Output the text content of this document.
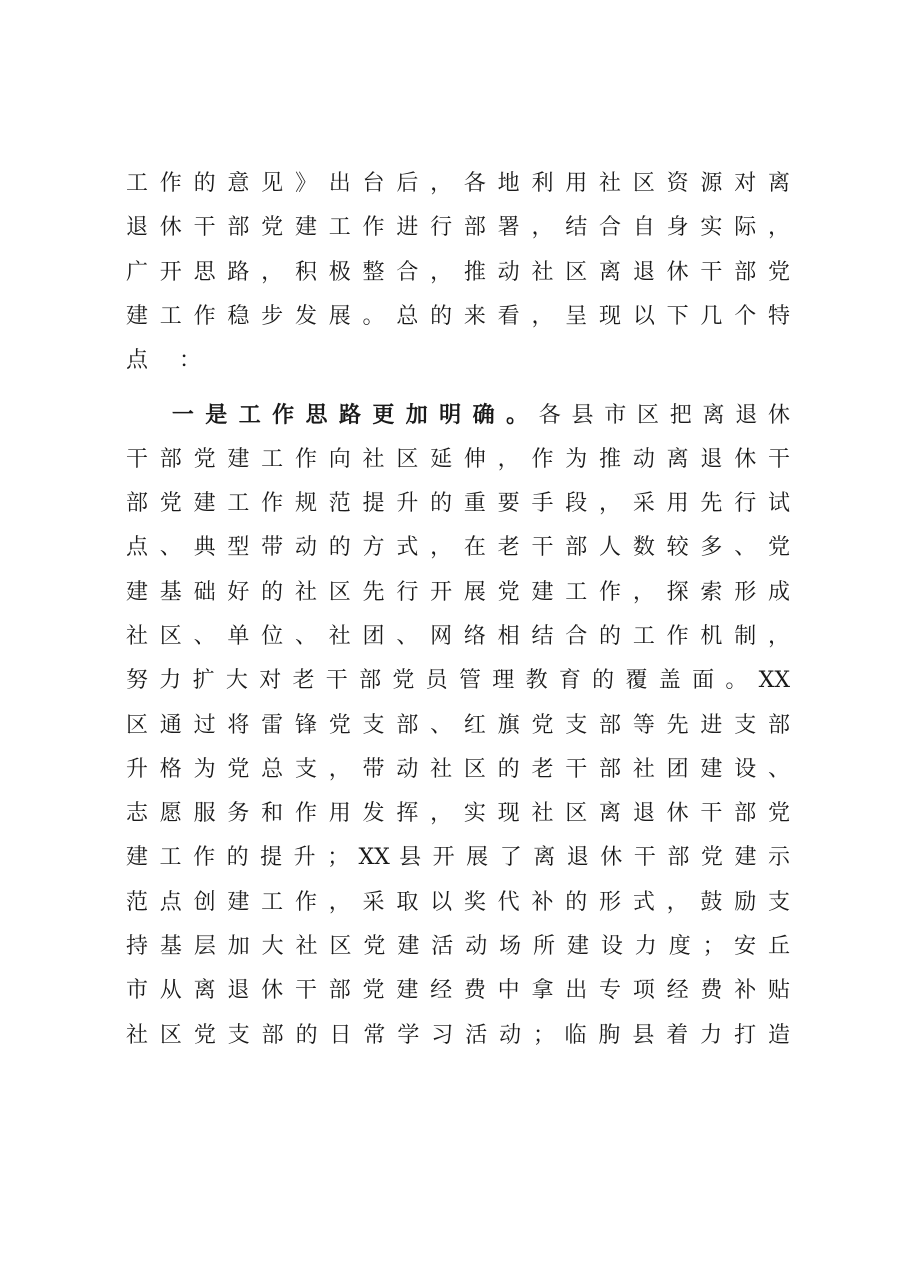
工 作 的 意 见 》 出 台 后 ， 各 地 利 用 社 区 资 源 对 离
退 休 干 部 党 建 工 作 进 行 部 署 ， 结 合 自 身 实 际 ，
广 开 思 路 ， 积 极 整 合 ， 推 动 社 区 离 退 休 干 部 党
建 工 作 稳 步 发 展 。 总 的 来 看 ， 呈 现 以 下 几 个 特
点 ：
一 是 工 作 思 路 更 加 明 确 。 各 县 市 区 把 离 退 休
干 部 党 建 工 作 向 社 区 延 伸 ， 作 为 推 动 离 退 休 干
部 党 建 工 作 规 范 提 升 的 重 要 手 段 ， 采 用 先 行 试
点 、 典 型 带 动 的 方 式 ， 在 老 干 部 人 数 较 多 、 党
建 基 础 好 的 社 区 先 行 开 展 党 建 工 作 ， 探 索 形 成
社 区 、 单 位 、 社 团 、 网 络 相 结 合 的 工 作 机 制 ，
努 力 扩 大 对 老 干 部 党 员 管 理 教 育 的 覆 盖 面 。 XX
区 通 过 将 雷 锋 党 支 部 、 红 旗 党 支 部 等 先 进 支 部
升 格 为 党 总 支 ， 带 动 社 区 的 老 干 部 社 团 建 设 、
志 愿 服 务 和 作 用 发 挥 ， 实 现 社 区 离 退 休 干 部 党
建 工 作 的 提 升 ； XX 县 开 展 了 离 退 休 干 部 党 建 示
范 点 创 建 工 作 ， 采 取 以 奖 代 补 的 形 式 ， 鼓 励 支
持 基 层 加 大 社 区 党 建 活 动 场 所 建 设 力 度 ； 安 丘
市 从 离 退 休 干 部 党 建 经 费 中 拿 出 专 项 经 费 补 贴
社 区 党 支 部 的 日 常 学 习 活 动 ； 临 朐 县 着 力 打 造
